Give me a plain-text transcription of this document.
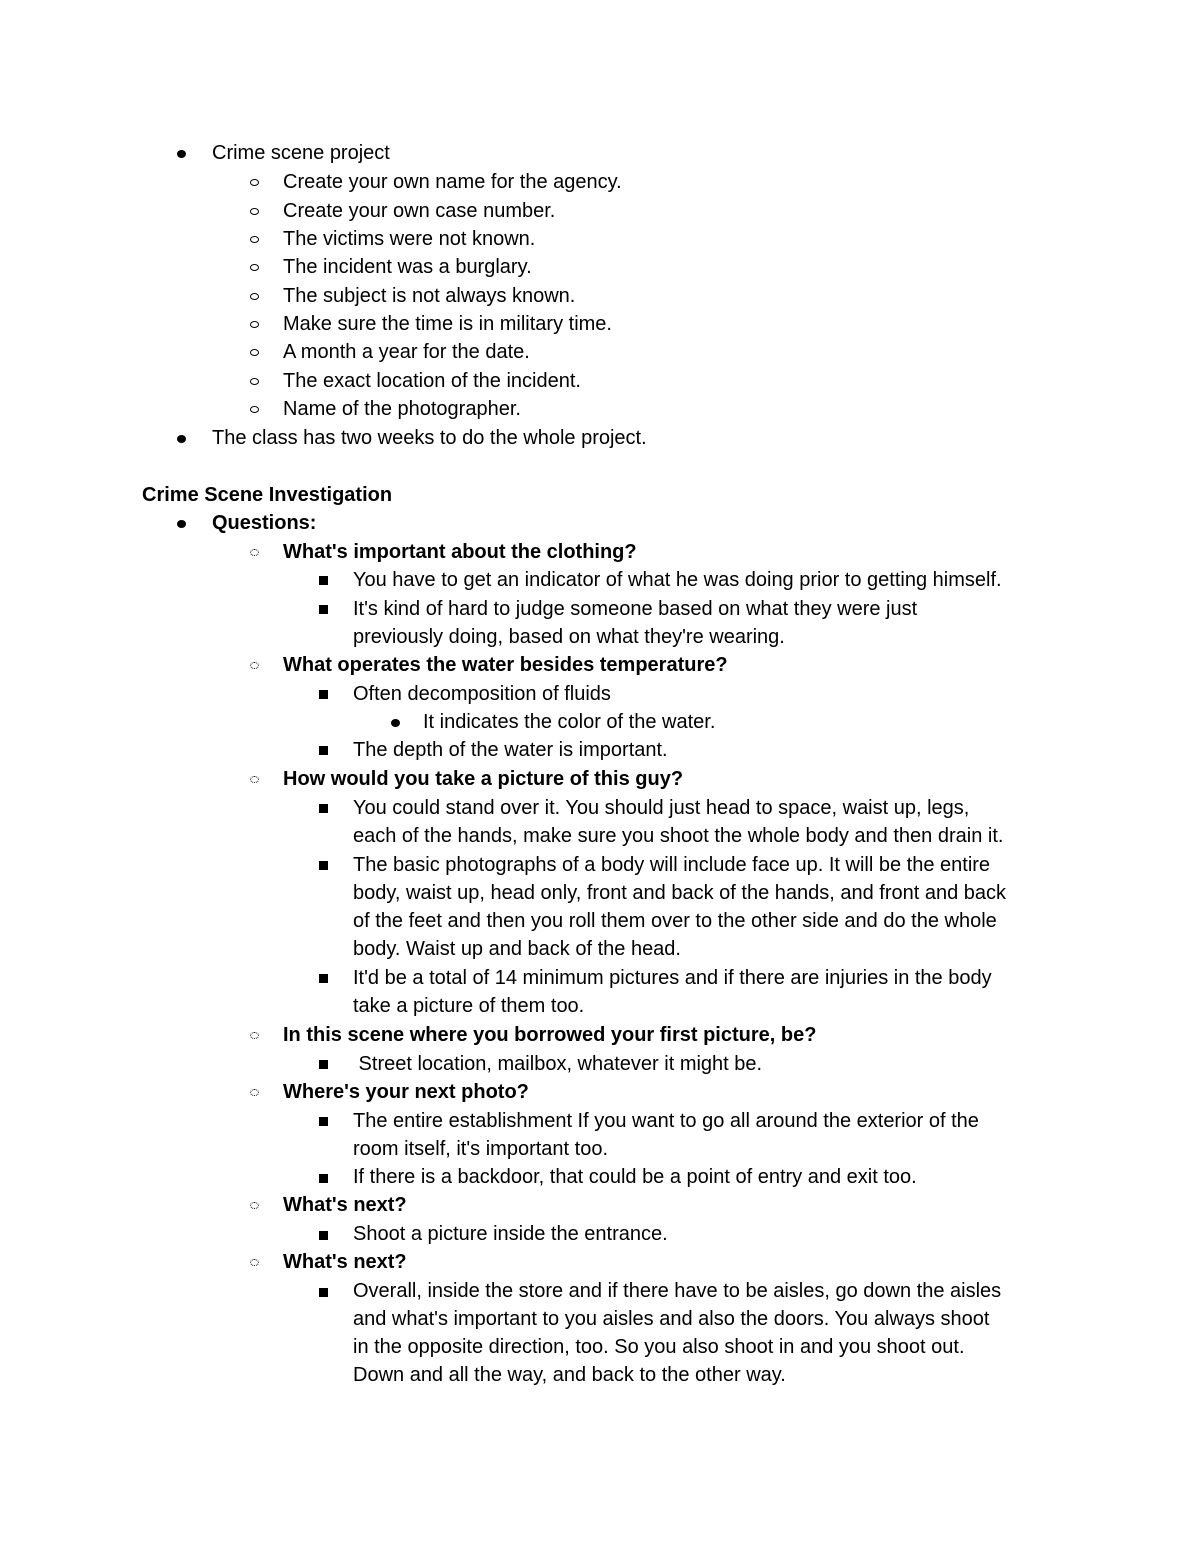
Crime scene project
Create your own name for the agency.
Create your own case number.
The victims were not known.
The incident was a burglary.
The subject is not always known.
Make sure the time is in military time.
A month a year for the date.
The exact location of the incident.
Name of the photographer.
The class has two weeks to do the whole project.
Crime Scene Investigation
Questions:
What's important about the clothing?
You have to get an indicator of what he was doing prior to getting himself.
It's kind of hard to judge someone based on what they were just
previously doing, based on what they're wearing.
What operates the water besides temperature?
Often decomposition of fluids
It indicates the color of the water.
The depth of the water is important.
How would you take a picture of this guy?
You could stand over it. You should just head to space, waist up, legs,
each of the hands, make sure you shoot the whole body and then drain it.
The basic photographs of a body will include face up. It will be the entire
body, waist up, head only, front and back of the hands, and front and back
of the feet and then you roll them over to the other side and do the whole
body. Waist up and back of the head.
It'd be a total of 14 minimum pictures and if there are injuries in the body
take a picture of them too.
In this scene where you borrowed your first picture, be?
Street location, mailbox, whatever it might be.
Where's your next photo?
The entire establishment If you want to go all around the exterior of the
room itself, it's important too.
If there is a backdoor, that could be a point of entry and exit too.
What's next?
Shoot a picture inside the entrance.
What's next?
Overall, inside the store and if there have to be aisles, go down the aisles
and what's important to you aisles and also the doors. You always shoot
in the opposite direction, too. So you also shoot in and you shoot out.
Down and all the way, and back to the other way.
